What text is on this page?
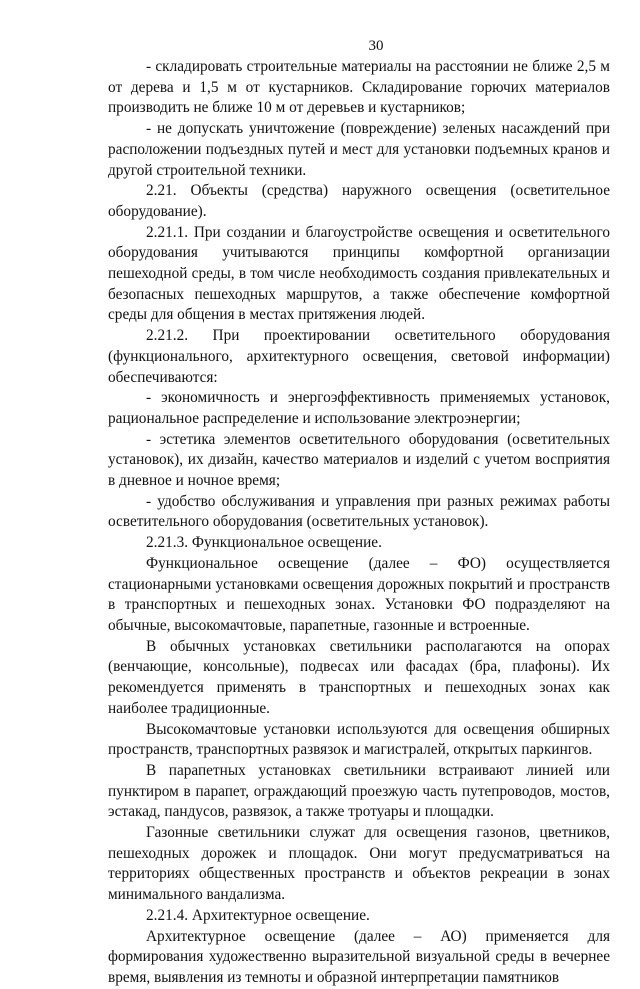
30

- складировать строительные материалы на расстоянии не ближе 2,5 м от дерева и 1,5 м от кустарников. Складирование горючих материалов производить не ближе 10 м от деревьев и кустарников;

- не допускать уничтожение (повреждение) зеленых насаждений при расположении подъездных путей и мест для установки подъемных кранов и другой строительной техники.

2.21. Объекты (средства) наружного освещения (осветительное оборудование).

2.21.1. При создании и благоустройстве освещения и осветительного оборудования учитываются принципы комфортной организации пешеходной среды, в том числе необходимость создания привлекательных и безопасных пешеходных маршрутов, а также обеспечение комфортной среды для общения в местах притяжения людей.

2.21.2. При проектировании осветительного оборудования (функционального, архитектурного освещения, световой информации) обеспечиваются:

- экономичность и энергоэффективность применяемых установок, рациональное распределение и использование электроэнергии;

- эстетика элементов осветительного оборудования (осветительных установок), их дизайн, качество материалов и изделий с учетом восприятия в дневное и ночное время;

- удобство обслуживания и управления при разных режимах работы осветительного оборудования (осветительных установок).

2.21.3. Функциональное освещение.

Функциональное освещение (далее – ФО) осуществляется стационарными установками освещения дорожных покрытий и пространств в транспортных и пешеходных зонах. Установки ФО подразделяют на обычные, высокомачтовые, парапетные, газонные и встроенные.

В обычных установках светильники располагаются на опорах (венчающие, консольные), подвесах или фасадах (бра, плафоны). Их рекомендуется применять в транспортных и пешеходных зонах как наиболее традиционные.

Высокомачтовые установки используются для освещения обширных пространств, транспортных развязок и магистралей, открытых паркингов.

В парапетных установках светильники встраивают линией или пунктиром в парапет, ограждающий проезжую часть путепроводов, мостов, эстакад, пандусов, развязок, а также тротуары и площадки.

Газонные светильники служат для освещения газонов, цветников, пешеходных дорожек и площадок. Они могут предусматриваться на территориях общественных пространств и объектов рекреации в зонах минимального вандализма.

2.21.4. Архитектурное освещение.

Архитектурное освещение (далее – АО) применяется для формирования художественно выразительной визуальной среды в вечернее время, выявления из темноты и образной интерпретации памятников
